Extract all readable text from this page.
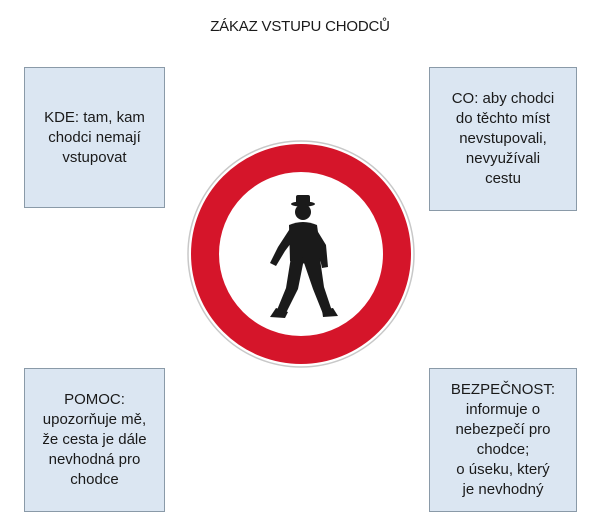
ZÁKAZ VSTUPU CHODCŮ
KDE: tam, kam
chodci nemají
vstupovat
CO: aby chodci
do těchto míst
nevstupovali,
nevyužívali
cestu
POMOC:
upozorňuje mě,
že cesta je dále
nevhodná pro
chodce
BEZPEČNOST:
informuje o
nebezpečí pro
chodce;
o úseku, který
je nevhodný
